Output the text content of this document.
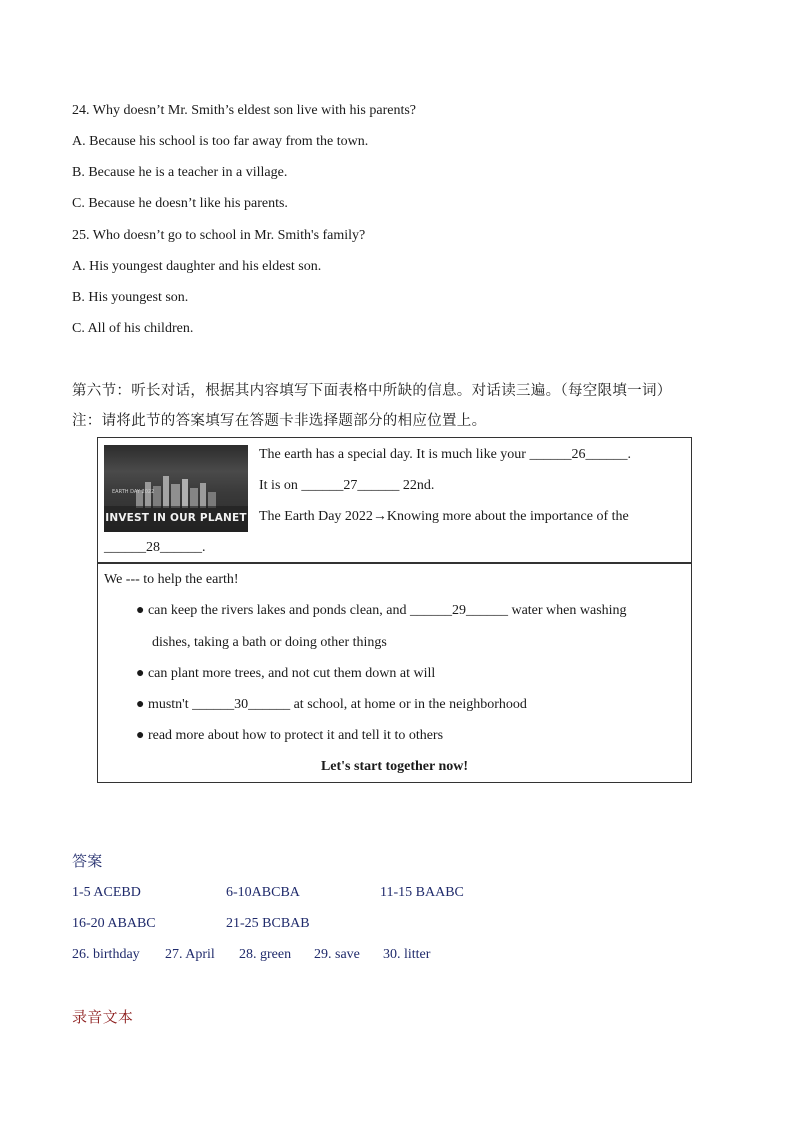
24. Why doesn’t Mr. Smith’s eldest son live with his parents?
A. Because his school is too far away from the town.
B. Because he is a teacher in a village.
C. Because he doesn’t like his parents.
25. Who doesn’t go to school in Mr. Smith's family?
A. His youngest daughter and his eldest son.
B. His youngest son.
C. All of his children.
第六节：听长对话，根据其内容填写下面表格中所缺的信息。对话读三遍。（每空限填一词）
注：请将此节的答案填写在答题卡非选择题部分的相应位置上。
EARTH DAY 2022
INVEST IN OUR PLANET
The earth has a special day. It is much like your ______26______.
It is on ______27______ 22nd.
The Earth Day 2022→Knowing more about the importance of the
______28______.
We --- to help the earth!
● can keep the rivers lakes and ponds clean, and ______29______ water when washing
dishes, taking a bath or doing other things
● can plant more trees, and not cut them down at will
● mustn't ______30______ at school, at home or in the neighborhood
● read more about how to protect it and tell it to others
Let's start together now!
答案
1-5 ACEBD	6-10ABCBA	11-15 BAABC
16-20 ABABC	21-25 BCBAB
26. birthday 27. April 28. green 29. save 30. litter
录音文本
